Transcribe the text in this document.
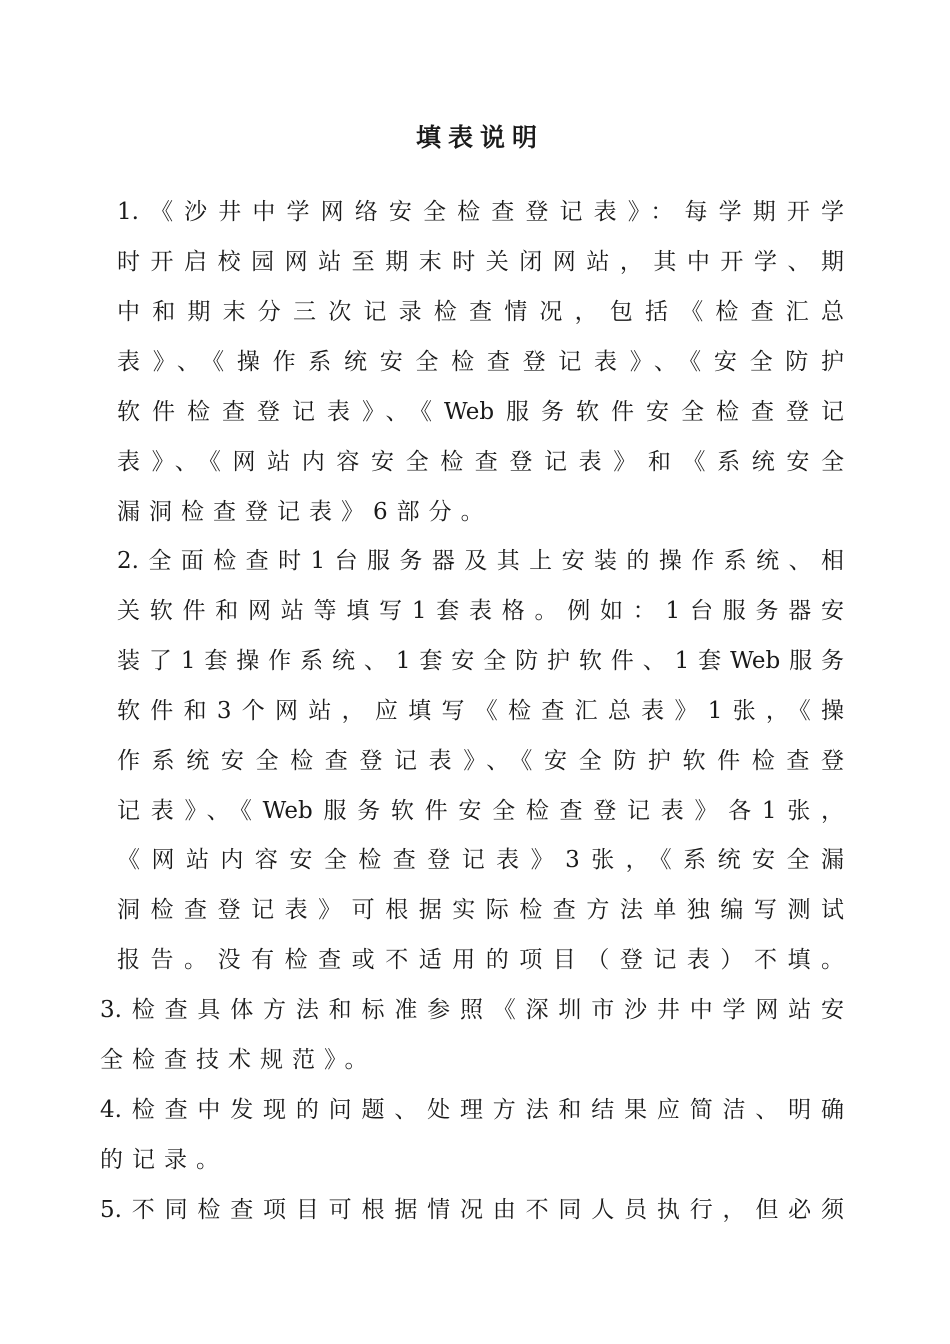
填表说明
1.《沙井中学网络安全检查登记表》：每学期开学
时开启校园网站至期末时关闭网站，其中开学、期
中和期末分三次记录检查情况，包括《检查汇总
表》、《操作系统安全检查登记表》、《安全防护
软件检查登记表》、《Web服务软件安全检查登记
表》、《网站内容安全检查登记表》和《系统安全
漏洞检查登记表》6部分。
2.全面检查时1台服务器及其上安装的操作系统、相
关软件和网站等填写1套表格。例如：1台服务器安
装了1套操作系统、1套安全防护软件、1套Web服务
软件和3个网站，应填写《检查汇总表》1张，《操
作系统安全检查登记表》、《安全防护软件检查登
记表》、《Web服务软件安全检查登记表》各1张，
《网站内容安全检查登记表》3张，《系统安全漏
洞检查登记表》可根据实际检查方法单独编写测试
报告。没有检查或不适用的项目（登记表）不填。
3.检查具体方法和标准参照《深圳市沙井中学网站安
全检查技术规范》。
4.检查中发现的问题、处理方法和结果应简洁、明确
的记录。
5.不同检查项目可根据情况由不同人员执行，但必须
